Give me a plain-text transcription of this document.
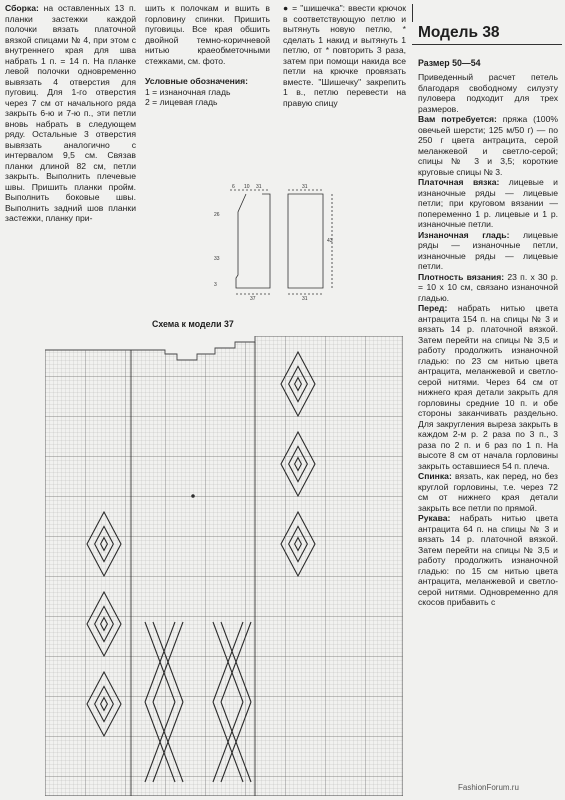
Сборка: на оставленных 13 п. планки застежки каждой полочки вязать платочной вязкой спицами № 4, при этом с внутреннего края для шва набрать 1 п. = 14 п. На планке левой полочки одновременно вывязать 4 отверстия для пуговиц. Для 1-го отверстия через 7 см от начального ряда закрыть 6-ю и 7-ю п., эти петли вновь набрать в следующем ряду. Остальные 3 отверстия вывязать аналогично с интервалом 9,5 см. Связав планки длиной 82 см, петли закрыть. Выполнить плечевые швы. Пришить планки пройм. Выполнить боковые швы. Выполнить задний шов планки застежки, планку при-

шить к полочкам и вшить в горловину спинки. Пришить пуговицы. Все края обшить двойной темно-коричневой нитью краеобметочными стежками, см. фото.

Условные обозначения:

1 = изнаночная гладь

2 = лицевая гладь

● = "шишечка": ввести крючок в соответствующую петлю и вытянуть новую петлю, * сделать 1 накид и вытянуть 1 петлю, от * повторить 3 раза, затем при помощи накида все петли на крючке провязать вместе. "Шишечку" закрепить 1 в., петлю перевести на правую спицу

Модель 38
Размер 50—54

Приведенный расчет петель благодаря свободному силуэту пуловера подходит для трех размеров.

Вам потребуется: пряжа (100% овечьей шерсти; 125 м/50 г) — по 250 г цвета антрацита, серой меланжевой и светло-серой; спицы № 3 и 3,5; короткие круговые спицы № 3.

Платочная вязка: лицевые и изнаночные ряды — лицевые петли; при круговом вязании — попеременно 1 р. лицевые и 1 р. изнаночные петли.

Изнаночная гладь: лицевые ряды — изнаночные петли, изнаночные ряды — лицевые петли.

Плотность вязания: 23 п. х 30 р. = 10 х 10 см, связано изнаночной гладью.

Перед: набрать нитью цвета антрацита 154 п. на спицы № 3 и вязать 14 р. платочной вязкой. Затем перейти на спицы № 3,5 и работу продолжить изнаночной гладью: по 23 см нитью цвета антрацита, меланжевой и светло-серой нитями. Через 64 см от нижнего края детали закрыть для горловины средние 10 п. и обе стороны заканчивать раздельно. Для закругления выреза закрыть в каждом 2-м р. 2 раза по 3 п., 3 раза по 2 п. и 6 раз по 1 п. На высоте 8 см от начала горловины закрыть оставшиеся 54 п. плеча.

Спинка: вязать, как перед, но без круглой горловины, т.е. через 72 см от нижнего края детали закрыть все петли по прямой.

Рукава: набрать нитью цвета антрацита 64 п. на спицы № 3 и вязать 14 р. платочной вязкой. Затем перейти на спицы № 3,5 и работу продолжить изнаночной гладью: по 15 см нитью цвета антрацита, меланжевой и светло-серой нитями. Одновременно для скосов прибавить с

6 10 31	31
26
43
33
3
37	31
Схема к модели 37
FashionForum.ru
